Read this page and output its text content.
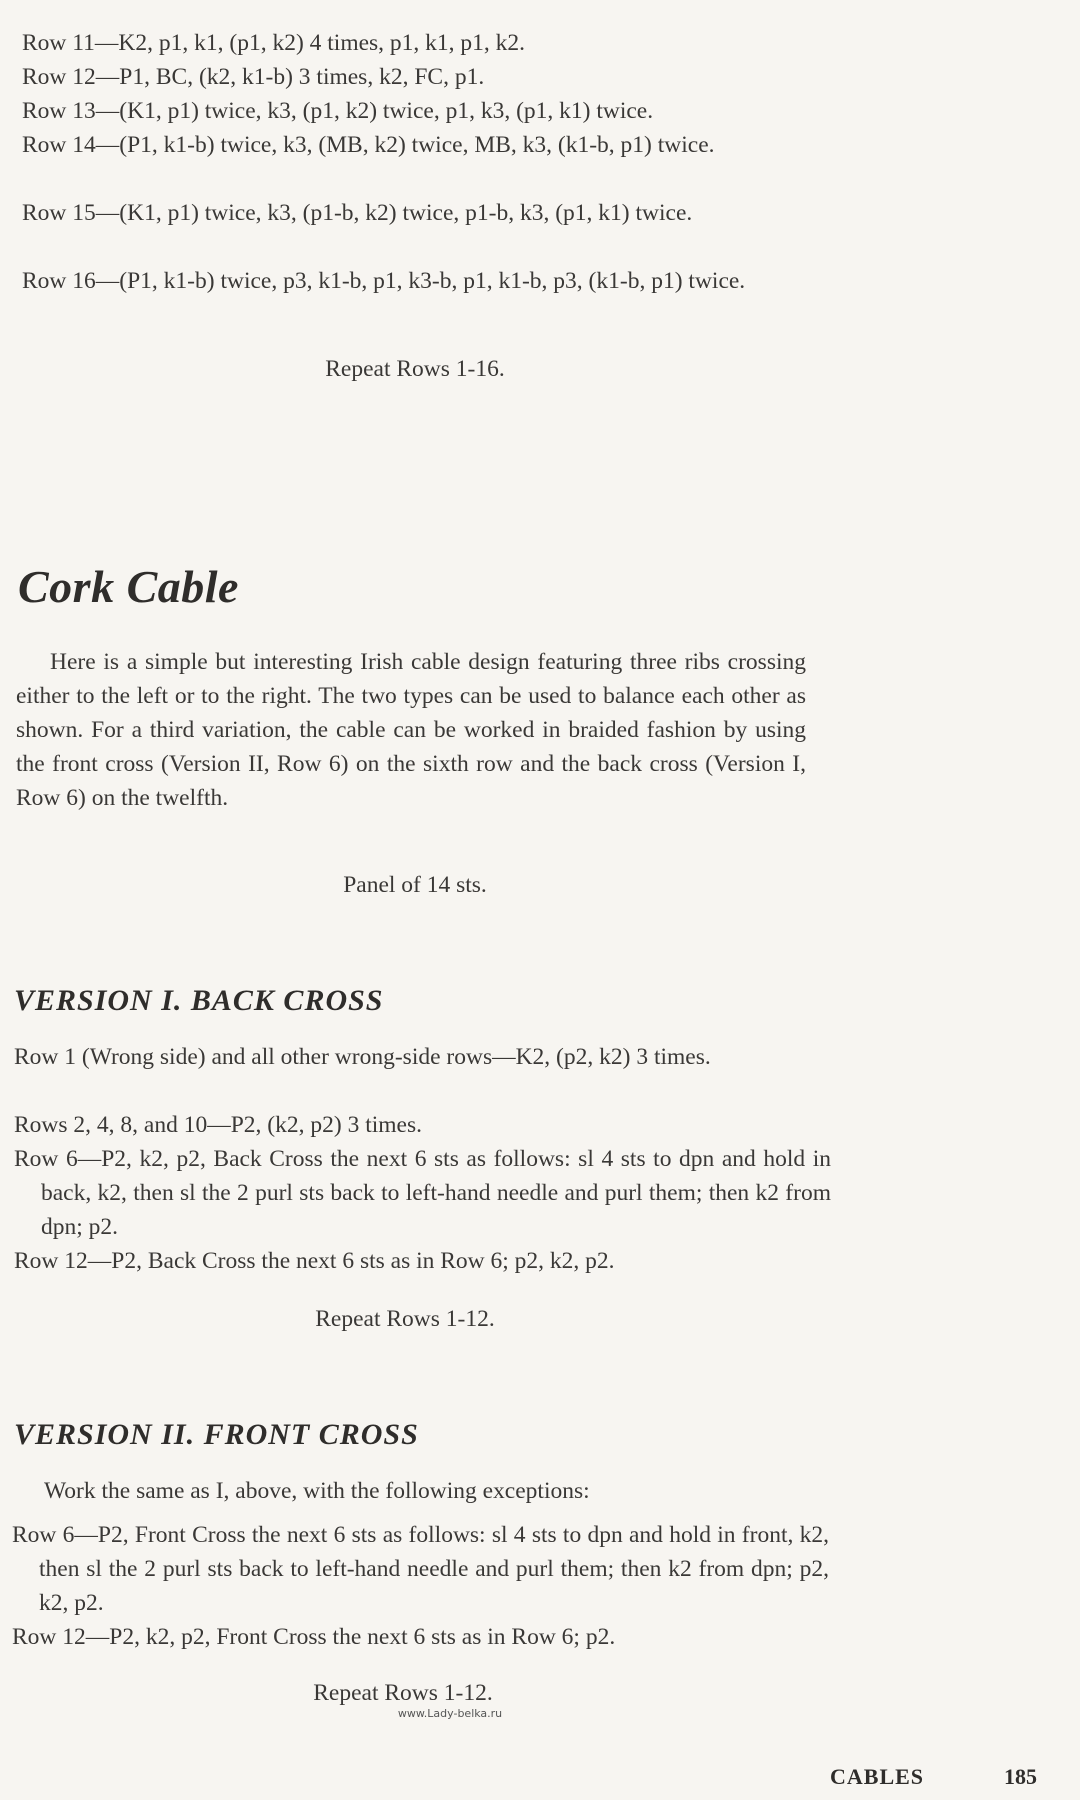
Row 11—K2, p1, k1, (p1, k2) 4 times, p1, k1, p1, k2.

Row 12—P1, BC, (k2, k1-b) 3 times, k2, FC, p1.

Row 13—(K1, p1) twice, k3, (p1, k2) twice, p1, k3, (p1, k1) twice.

Row 14—(P1, k1-b) twice, k3, (MB, k2) twice, MB, k3, (k1-b, p1) twice.

Row 15—(K1, p1) twice, k3, (p1-b, k2) twice, p1-b, k3, (p1, k1) twice.

Row 16—(P1, k1-b) twice, p3, k1-b, p1, k3-b, p1, k1-b, p3, (k1-b, p1) twice.

Repeat Rows 1-16.

Cork Cable

Here is a simple but interesting Irish cable design featuring three ribs crossing either to the left or to the right. The two types can be used to balance each other as shown. For a third variation, the cable can be worked in braided fashion by using the front cross (Version II, Row 6) on the sixth row and the back cross (Version I, Row 6) on the twelfth.

Panel of 14 sts.

VERSION I. BACK CROSS

Row 1 (Wrong side) and all other wrong-side rows—K2, (p2, k2) 3 times.

Rows 2, 4, 8, and 10—P2, (k2, p2) 3 times.

Row 6—P2, k2, p2, Back Cross the next 6 sts as follows: sl 4 sts to dpn and hold in back, k2, then sl the 2 purl sts back to left-hand needle and purl them; then k2 from dpn; p2.

Row 12—P2, Back Cross the next 6 sts as in Row 6; p2, k2, p2.

Repeat Rows 1-12.

VERSION II. FRONT CROSS

Work the same as I, above, with the following exceptions:

Row 6—P2, Front Cross the next 6 sts as follows: sl 4 sts to dpn and hold in front, k2, then sl the 2 purl sts back to left-hand needle and purl them; then k2 from dpn; p2, k2, p2.

Row 12—P2, k2, p2, Front Cross the next 6 sts as in Row 6; p2.

Repeat Rows 1-12.

www.Lady-belka.ru
CABLES	185
